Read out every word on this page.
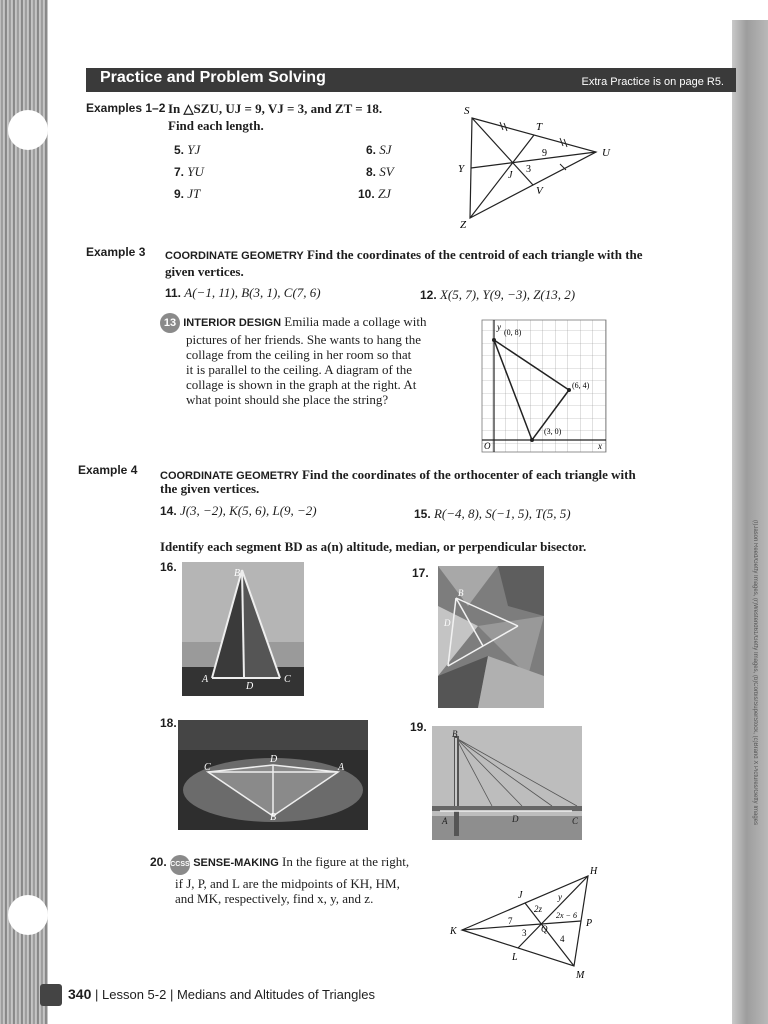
(l)Jason Reed/Getty Images, (r)Westend61/Getty Images, (b)Corbis/SuperStock, (c)Brand X Pictures/Getty Images
Practice and Problem Solving	Extra Practice is on page R5.
Examples 1–2 In △SZU, UJ = 9, VJ = 3, and ZT = 18.
Find each length.
5. YJ	6. SJ
7. YU	8. SV
9. JT	10. ZJ
S
T
U
Y
J
V
Z
9
3
Example 3 COORDINATE GEOMETRY Find the coordinates of the centroid of each triangle with the given vertices.
11. A(−1, 11), B(3, 1), C(7, 6)	12. X(5, 7), Y(9, −3), Z(13, 2)
13 INTERIOR DESIGN Emilia made a collage with
pictures of her friends. She wants to hang the
collage from the ceiling in her room so that
it is parallel to the ceiling. A diagram of the
collage is shown in the graph at the right. At
what point should she place the string?
y
x
O
(0, 8)
(6, 4)
(3, 0)
Example 4 COORDINATE GEOMETRY Find the coordinates of the orthocenter of each triangle with
the given vertices.
14. J(3, −2), K(5, 6), L(9, −2)	15. R(−4, 8), S(−1, 5), T(5, 5)
Identify each segment BD as a(n) altitude, median, or perpendicular bisector.
16.	B
A
D
C
17.
B
D
18.
C
D
A
B
19.	B
A	D	C
20. CCSS SENSE-MAKING In the figure at the right,
if J, P, and L are the midpoints of KH, HM,
and MK, respectively, find x, y, and z.
H
J
K
P
Q
L
M
y
2z
2x − 6
7
3
4
340 | Lesson 5-2 | Medians and Altitudes of Triangles
